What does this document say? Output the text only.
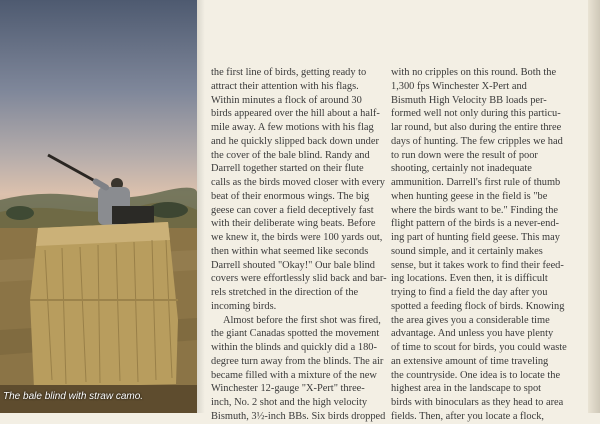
The bale blind with straw camo.
the first line of birds, getting ready to
attract their attention with his flags.
Within minutes a flock of around 30
birds appeared over the hill about a half-
mile away. A few motions with his flag
and he quickly slipped back down under
the cover of the bale blind. Randy and
Darrell together started on their flute
calls as the birds moved closer with every
beat of their enormous wings. The big
geese can cover a field deceptively fast
with their deliberate wing beats. Before
we knew it, the birds were 100 yards out,
then within what seemed like seconds
Darrell shouted "Okay!" Our bale blind
covers were effortlessly slid back and bar-
rels stretched in the direction of the
incoming birds.
Almost before the first shot was fired,
the giant Canadas spotted the movement
within the blinds and quickly did a 180-
degree turn away from the blinds. The air
became filled with a mixture of the new
Winchester 12-gauge "X-Pert" three-
inch, No. 2 shot and the high velocity
Bismuth, 3½-inch BBs. Six birds dropped
with no cripples on this round. Both the
1,300 fps Winchester X-Pert and
Bismuth High Velocity BB loads per-
formed well not only during this particu-
lar round, but also during the entire three
days of hunting. The few cripples we had
to run down were the result of poor
shooting, certainly not inadequate
ammunition. Darrell's first rule of thumb
when hunting geese in the field is "be
where the birds want to be." Finding the
flight pattern of the birds is a never-end-
ing part of hunting field geese. This may
sound simple, and it certainly makes
sense, but it takes work to find their feed-
ing locations. Even then, it is difficult
trying to find a field the day after you
spotted a feeding flock of birds. Knowing
the area gives you a considerable time
advantage. And unless you have plenty
of time to scout for birds, you could waste
an extensive amount of time traveling
the countryside. One idea is to locate the
highest area in the landscape to spot
birds with binoculars as they head to area
fields. Then, after you locate a flock,
